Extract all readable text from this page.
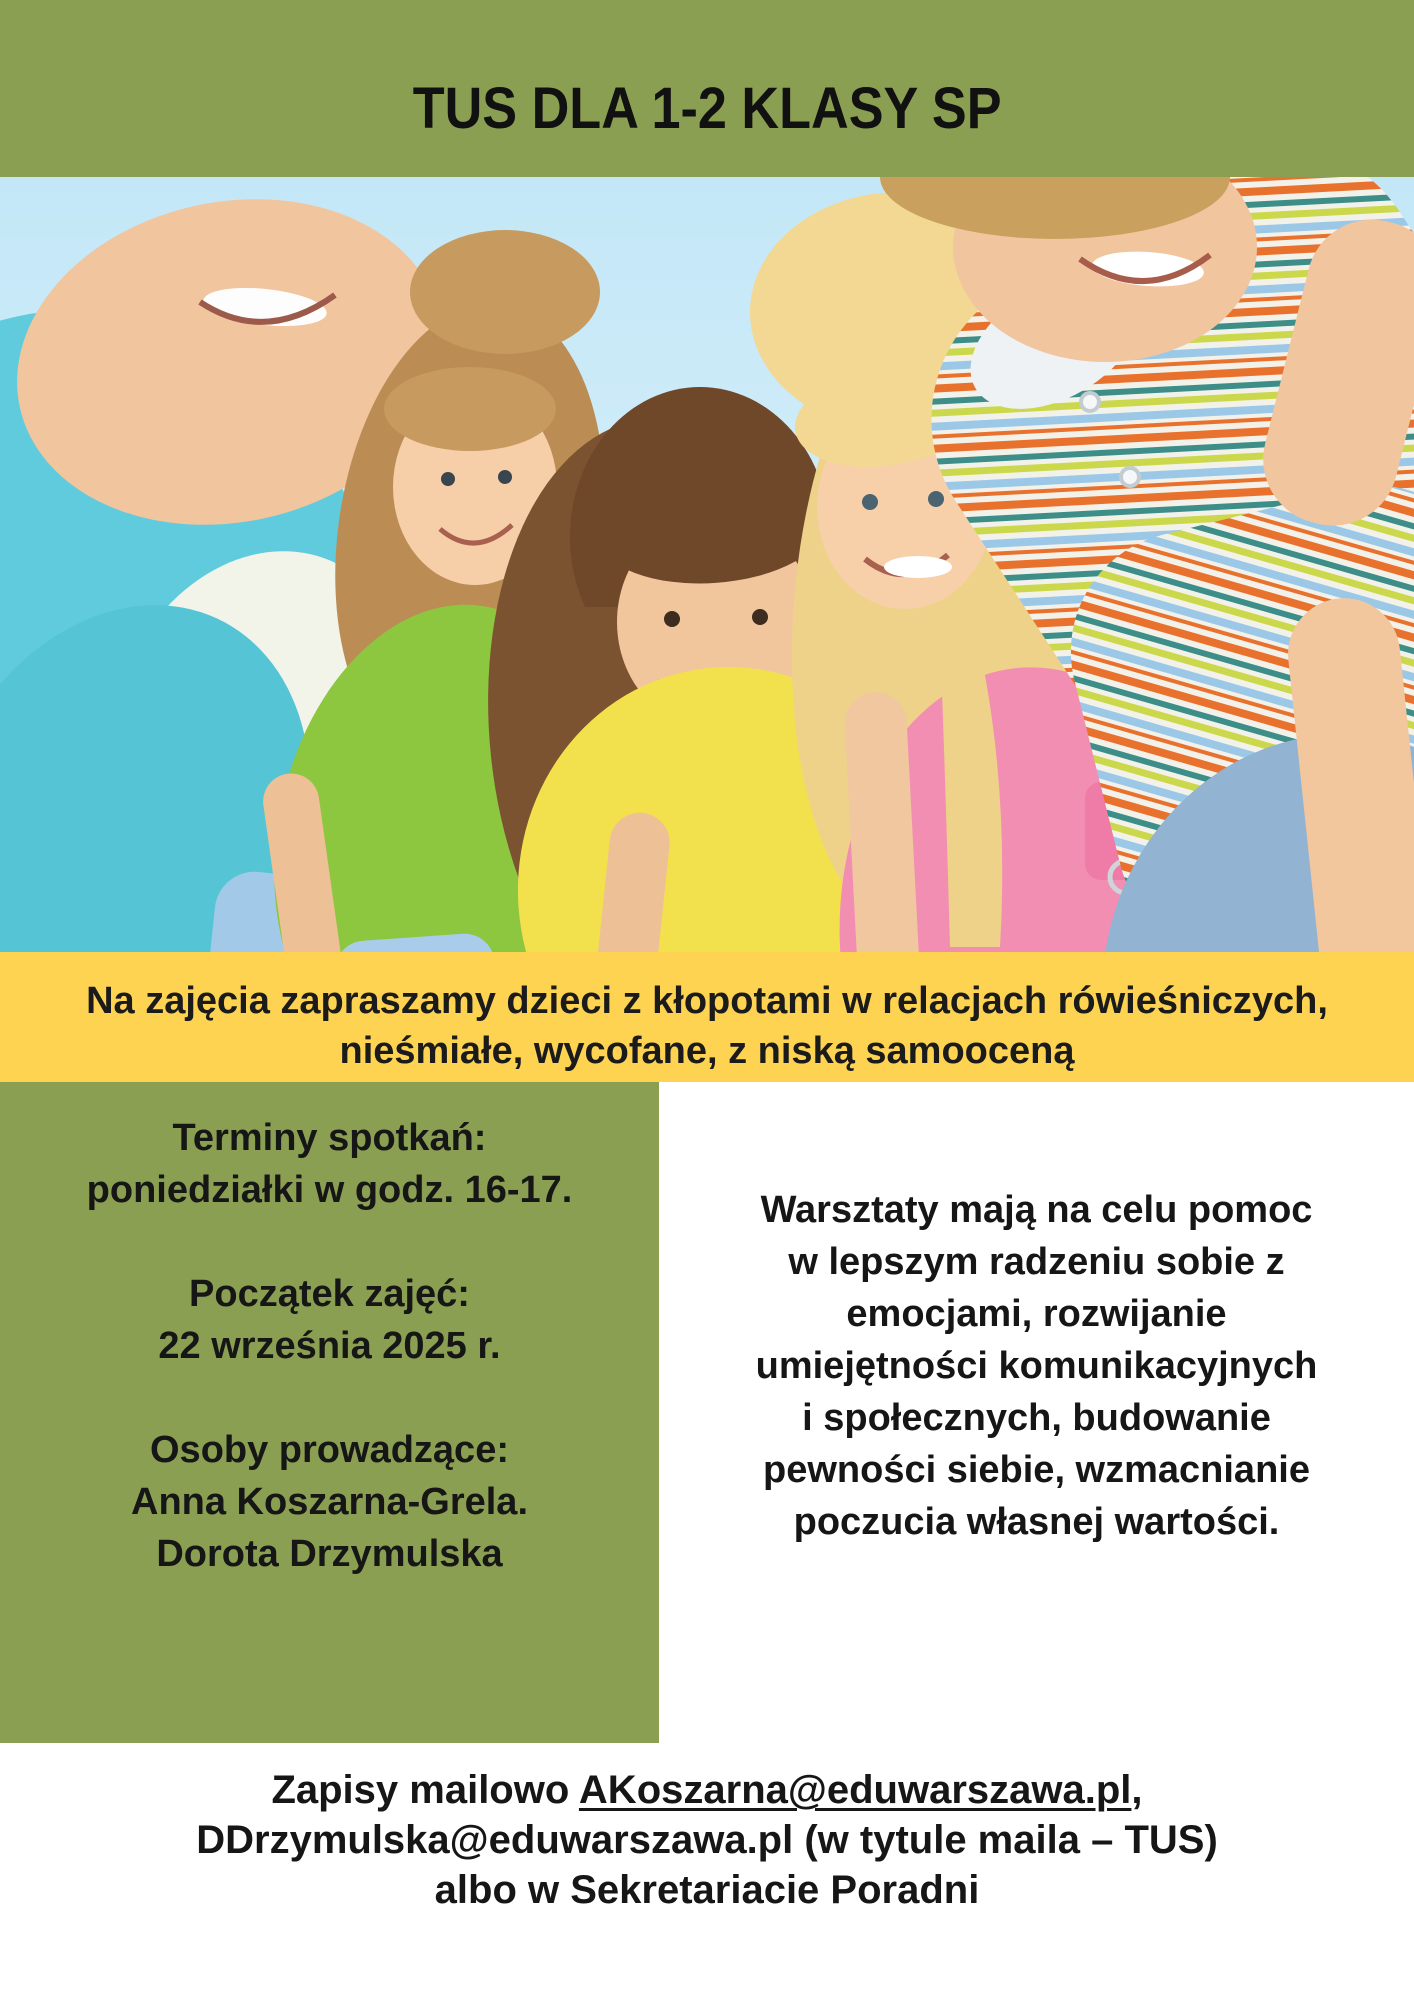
TUS DLA 1-2 KLASY SP
Na zajęcia zapraszamy dzieci z kłopotami w relacjach rówieśniczych,
nieśmiałe, wycofane, z niską samooceną
Terminy spotkań:
poniedziałki w godz. 16-17.
Początek zajęć:
22 września 2025 r.
Osoby prowadzące:
Anna Koszarna-Grela.
Dorota Drzymulska
Warsztaty mają na celu pomoc
w lepszym radzeniu sobie z
emocjami, rozwijanie
umiejętności komunikacyjnych
i społecznych, budowanie
pewności siebie, wzmacnianie
poczucia własnej wartości.
Zapisy mailowo AKoszarna@eduwarszawa.pl,
DDrzymulska@eduwarszawa.pl (w tytule maila – TUS)
albo w Sekretariacie Poradni
